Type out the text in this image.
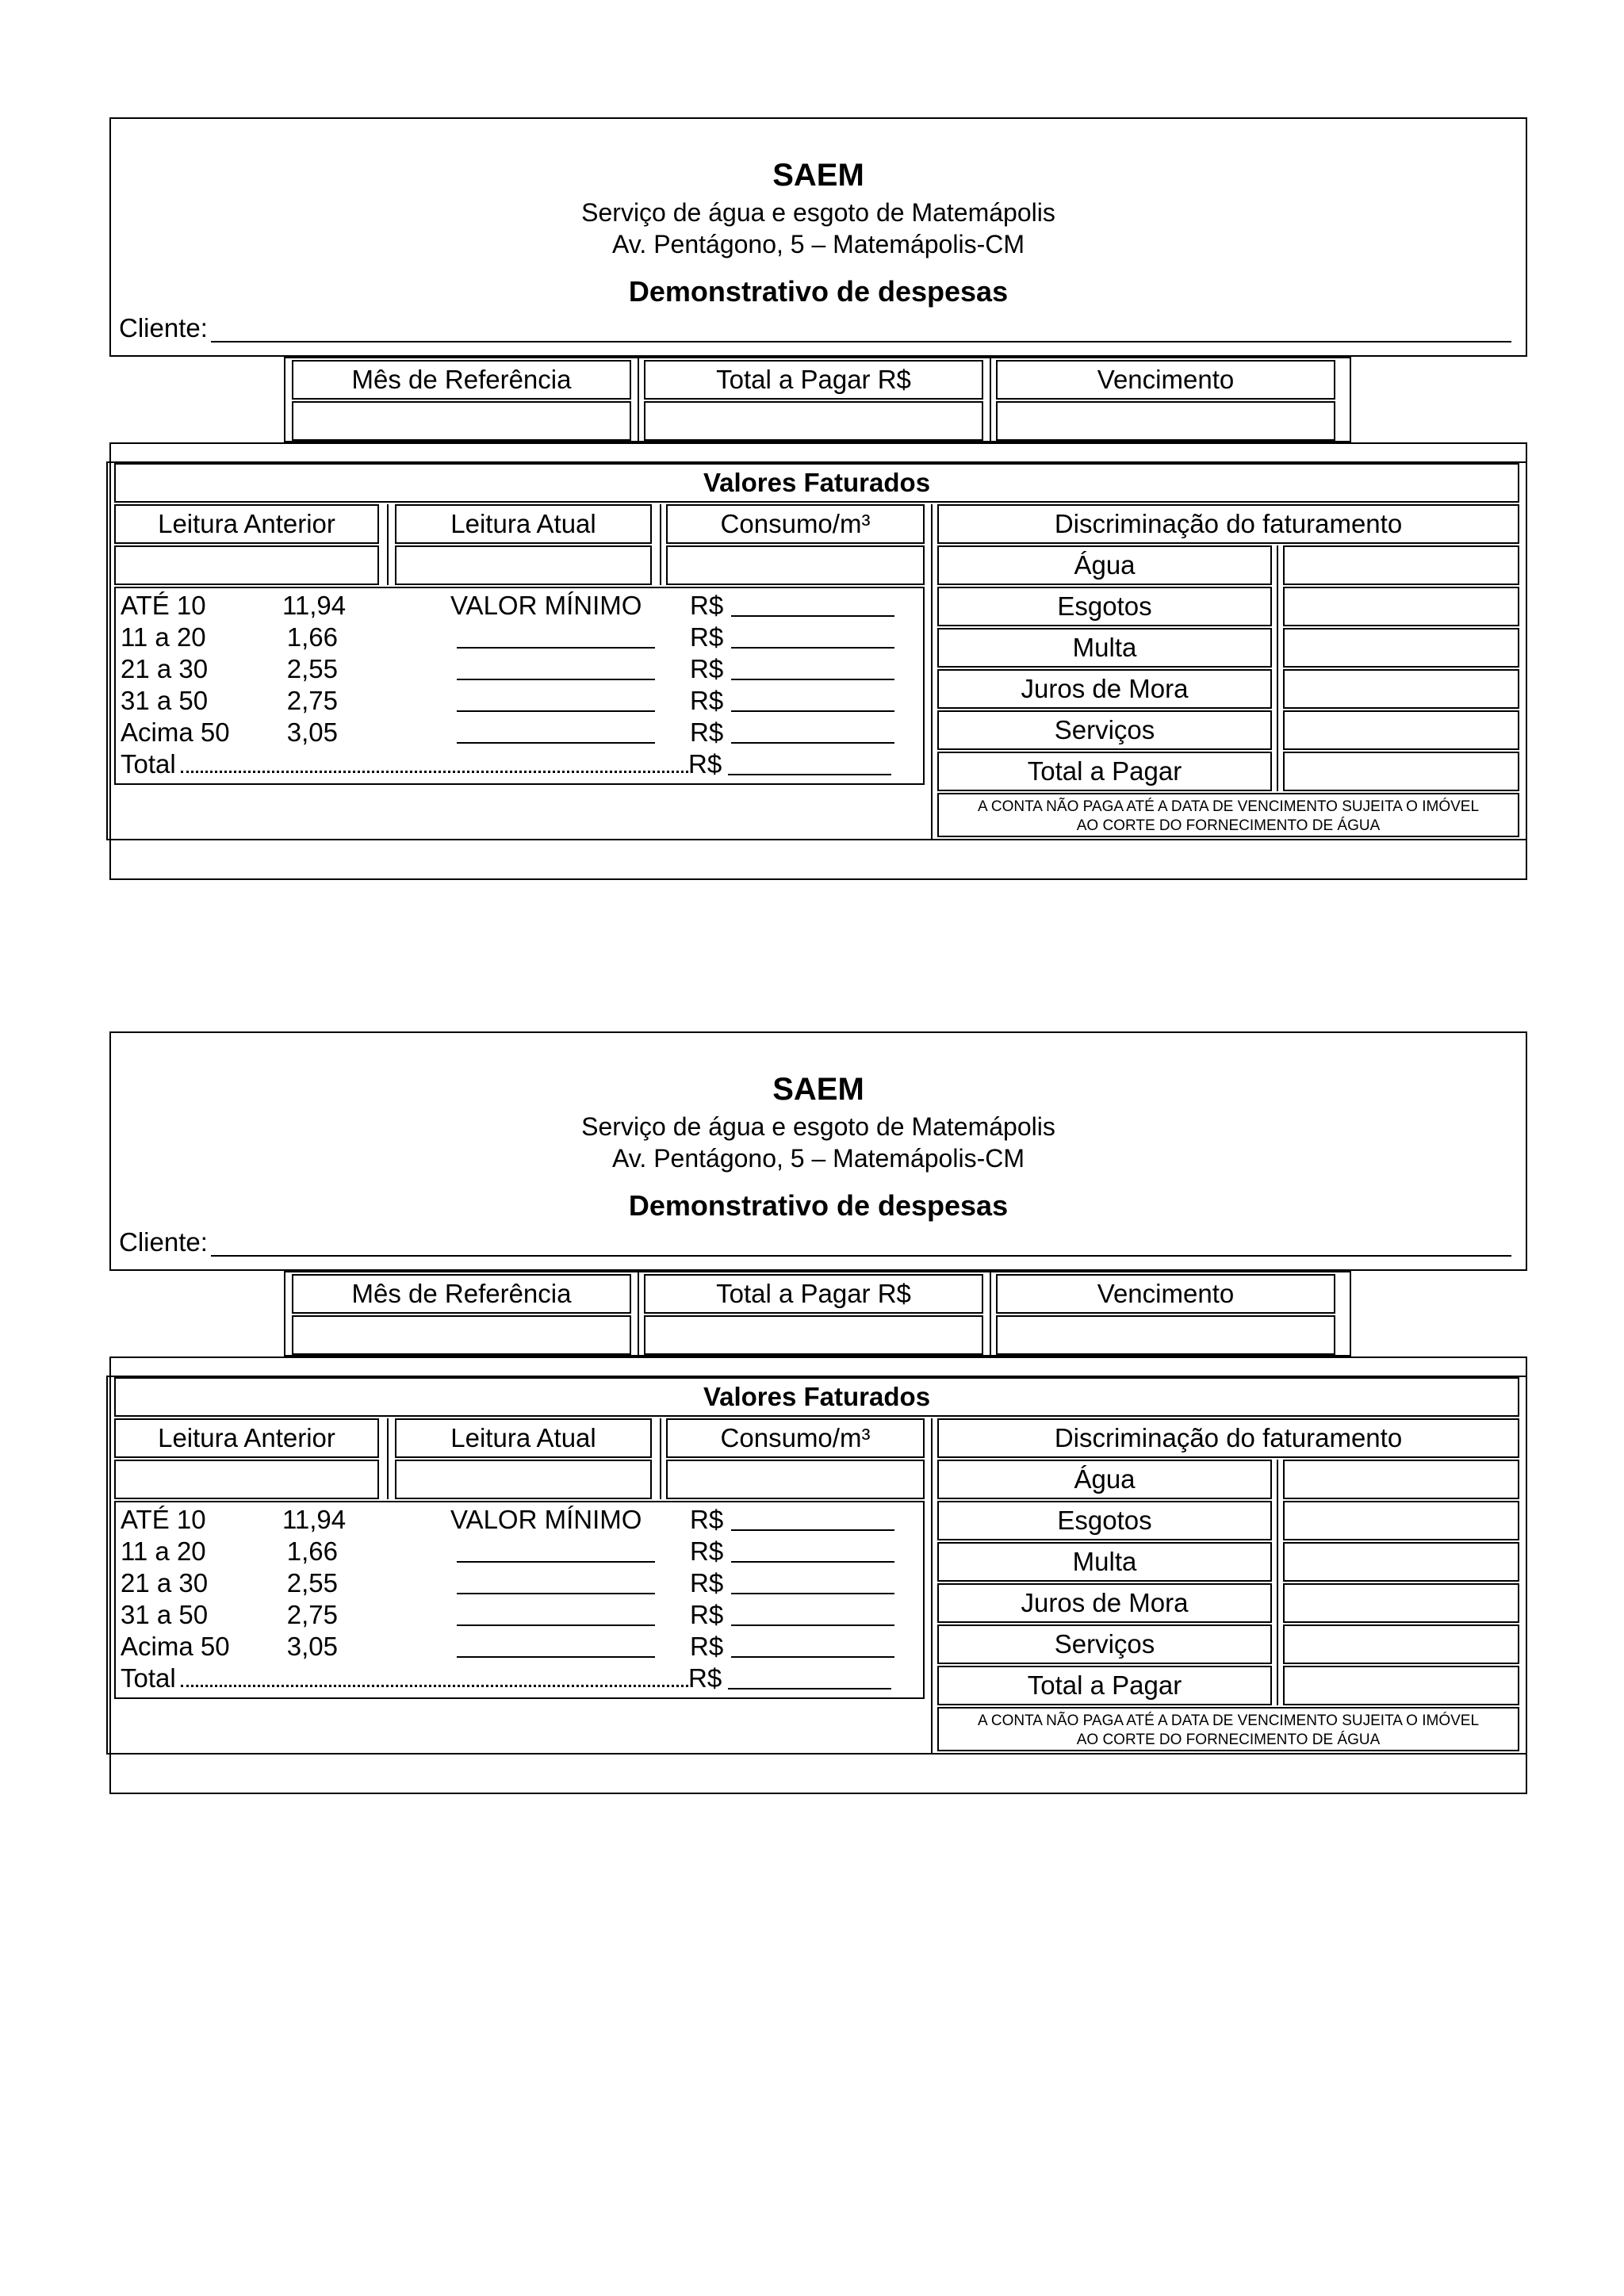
SAEM
Serviço de água e esgoto de Matemápolis
Av. Pentágono, 5 – Matemápolis-CM
Demonstrativo de despesas
Cliente:
Mês de Referência	Total a Pagar R$	Vencimento
Valores Faturados
Leitura Anterior	Leitura Atual	Consumo/m³	Discriminação do faturamento
ATÉ 10	11,94	VALOR MÍNIMO R$
11 a 20	1,66	R$
21 a 30	2,55	R$
31 a 50	2,75	R$
Acima 50 3,05	R$
Total	R$
Água
Esgotos
Multa
Juros de Mora
Serviços
Total a Pagar
A CONTA NÃO PAGA ATÉ A DATA DE VENCIMENTO SUJEITA O IMÓVEL
AO CORTE DO FORNECIMENTO DE ÁGUA
SAEM
Serviço de água e esgoto de Matemápolis
Av. Pentágono, 5 – Matemápolis-CM
Demonstrativo de despesas
Cliente:
Mês de Referência	Total a Pagar R$	Vencimento
Valores Faturados
Leitura Anterior	Leitura Atual	Consumo/m³	Discriminação do faturamento
ATÉ 10	11,94	VALOR MÍNIMO R$
11 a 20	1,66	R$
21 a 30	2,55	R$
31 a 50	2,75	R$
Acima 50 3,05	R$
Total	R$
Água
Esgotos
Multa
Juros de Mora
Serviços
Total a Pagar
A CONTA NÃO PAGA ATÉ A DATA DE VENCIMENTO SUJEITA O IMÓVEL
AO CORTE DO FORNECIMENTO DE ÁGUA
